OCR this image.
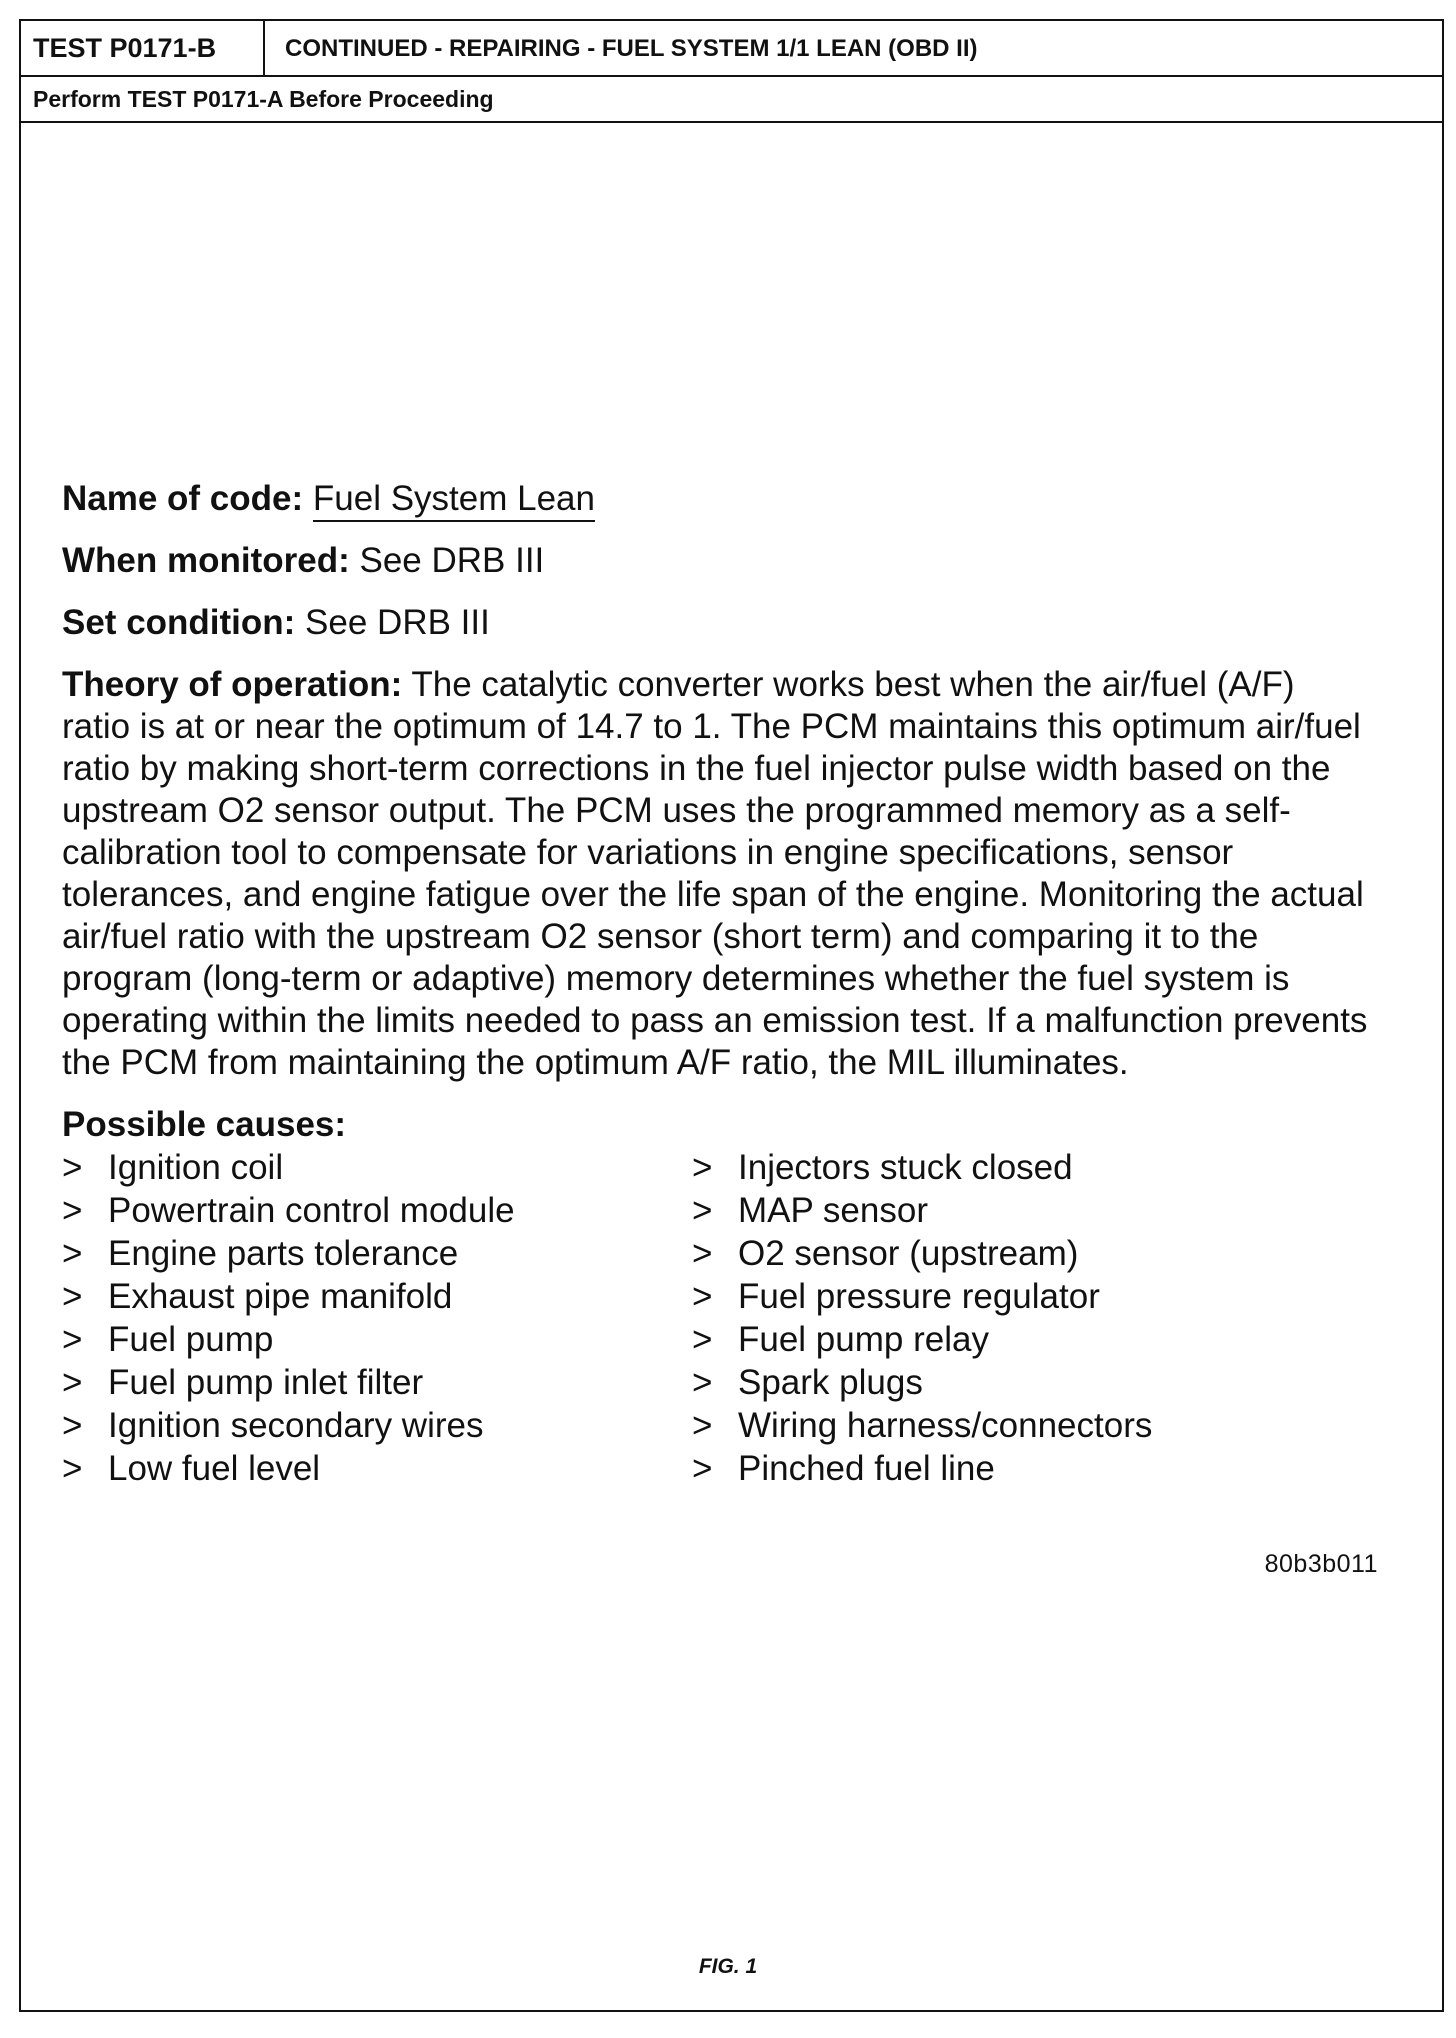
TEST P0171-B	CONTINUED - REPAIRING - FUEL SYSTEM 1/1 LEAN (OBD II)
Perform TEST P0171-A Before Proceeding

Name of code: Fuel System Lean

When monitored: See DRB III

Set condition: See DRB III

Theory of operation: The catalytic converter works best when the air/fuel (A/F) ratio is at or near the optimum of 14.7 to 1. The PCM maintains this optimum air/fuel ratio by making short-term corrections in the fuel injector pulse width based on the upstream O2 sensor output. The PCM uses the programmed memory as a self-calibration tool to compensate for variations in engine specifications, sensor tolerances, and engine fatigue over the life span of the engine. Monitoring the actual air/fuel ratio with the upstream O2 sensor (short term) and comparing it to the program (long-term or adaptive) memory determines whether the fuel system is operating within the limits needed to pass an emission test. If a malfunction prevents the PCM from maintaining the optimum A/F ratio, the MIL illuminates.

Possible causes:

> Ignition coil	> Injectors stuck closed
> Powertrain control module	> MAP sensor
> Engine parts tolerance	> O2 sensor (upstream)
> Exhaust pipe manifold	> Fuel pressure regulator
> Fuel pump	> Fuel pump relay
> Fuel pump inlet filter	> Spark plugs
> Ignition secondary wires	> Wiring harness/connectors
> Low fuel level	> Pinched fuel line
80b3b011
FIG. 1
